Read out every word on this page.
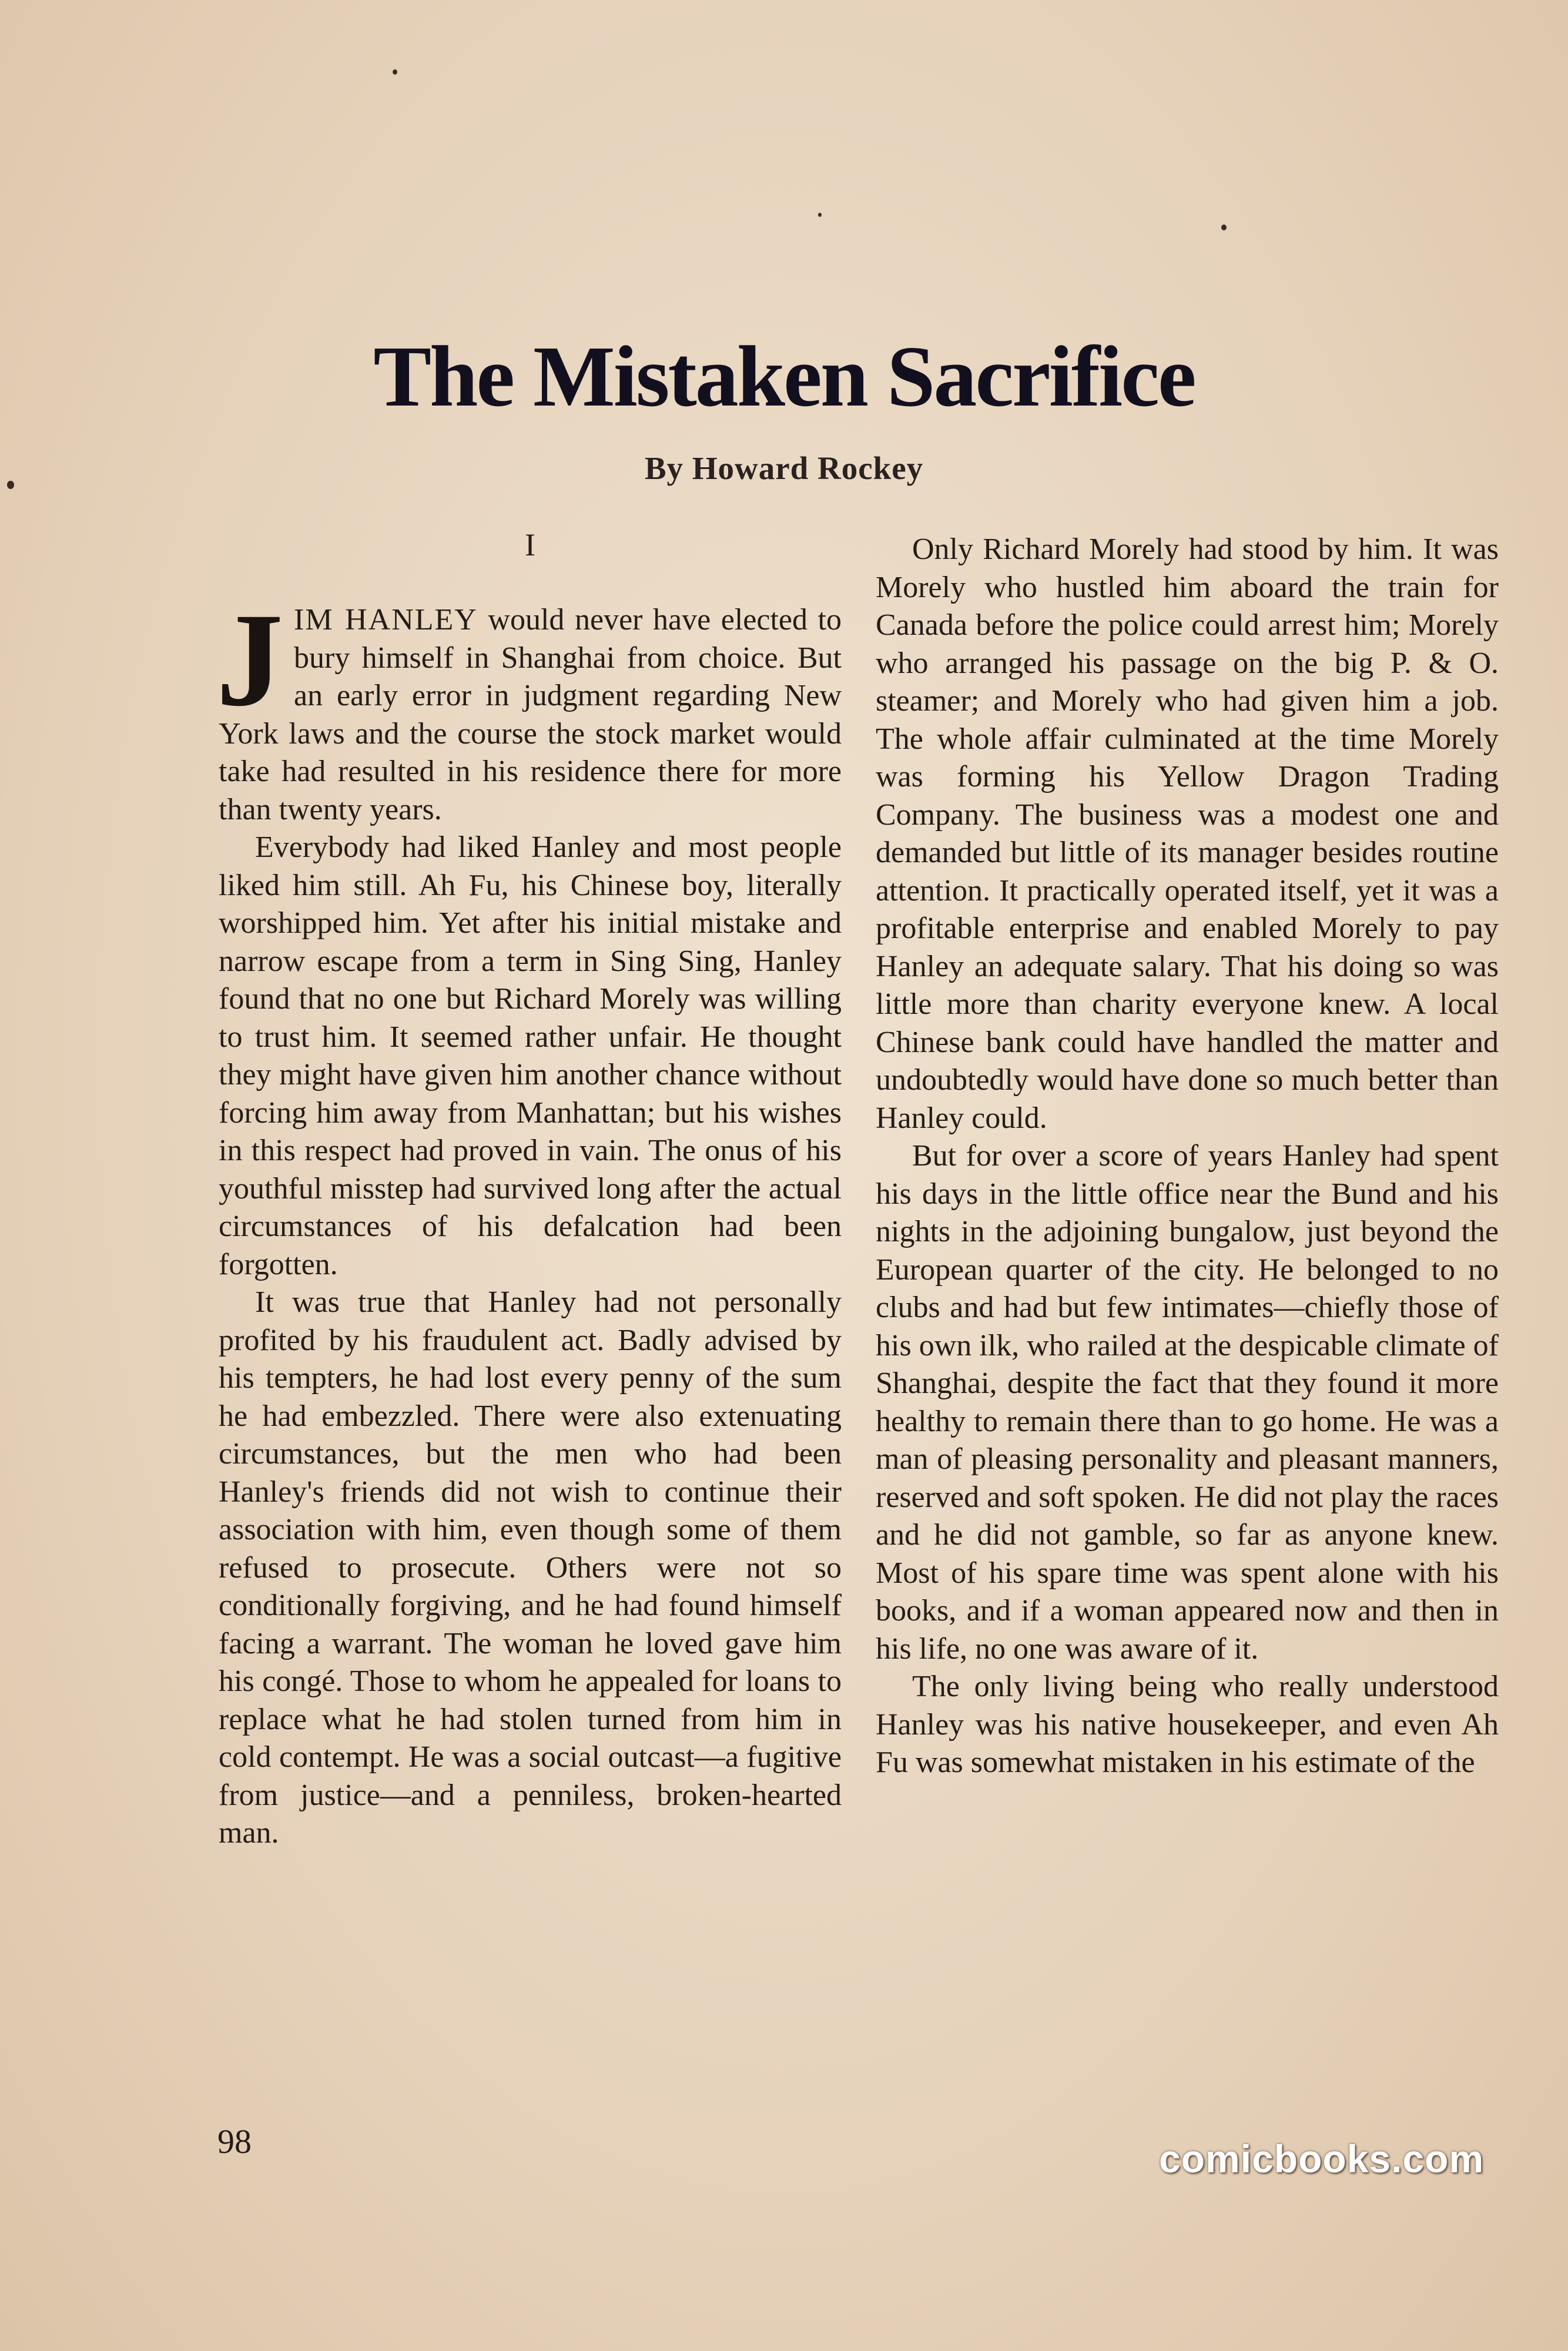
The Mistaken Sacrifice
By Howard Rockey
I

JIM HANLEY would never have elected to bury himself in Shanghai from choice. But an early error in judgment regarding New York laws and the course the stock market would take had resulted in his residence there for more than twenty years.

Everybody had liked Hanley and most people liked him still. Ah Fu, his Chinese boy, literally worshipped him. Yet after his initial mistake and narrow escape from a term in Sing Sing, Hanley found that no one but Richard Morely was willing to trust him. It seemed rather unfair. He thought they might have given him another chance without forcing him away from Manhattan; but his wishes in this respect had proved in vain. The onus of his youthful misstep had survived long after the actual circumstances of his defalcation had been forgotten.

It was true that Hanley had not personally profited by his fraudulent act. Badly advised by his tempters, he had lost every penny of the sum he had embezzled. There were also extenuating circumstances, but the men who had been Hanley's friends did not wish to continue their association with him, even though some of them refused to prosecute. Others were not so conditionally forgiving, and he had found himself facing a warrant. The woman he loved gave him his congé. Those to whom he appealed for loans to replace what he had stolen turned from him in cold contempt. He was a social outcast—a fugitive from justice—and a penniless, broken-hearted man.

Only Richard Morely had stood by him. It was Morely who hustled him aboard the train for Canada before the police could arrest him; Morely who arranged his passage on the big P. & O. steamer; and Morely who had given him a job. The whole affair culminated at the time Morely was forming his Yellow Dragon Trading Company. The business was a modest one and demanded but little of its manager besides routine attention. It practically operated itself, yet it was a profitable enterprise and enabled Morely to pay Hanley an adequate salary. That his doing so was little more than charity everyone knew. A local Chinese bank could have handled the matter and undoubtedly would have done so much better than Hanley could.

But for over a score of years Hanley had spent his days in the little office near the Bund and his nights in the adjoining bungalow, just beyond the European quarter of the city. He belonged to no clubs and had but few intimates—chiefly those of his own ilk, who railed at the despicable climate of Shanghai, despite the fact that they found it more healthy to remain there than to go home. He was a man of pleasing personality and pleasant manners, reserved and soft spoken. He did not play the races and he did not gamble, so far as anyone knew. Most of his spare time was spent alone with his books, and if a woman appeared now and then in his life, no one was aware of it.

The only living being who really understood Hanley was his native housekeeper, and even Ah Fu was somewhat mistaken in his estimate of the

98	comicbooks.com
